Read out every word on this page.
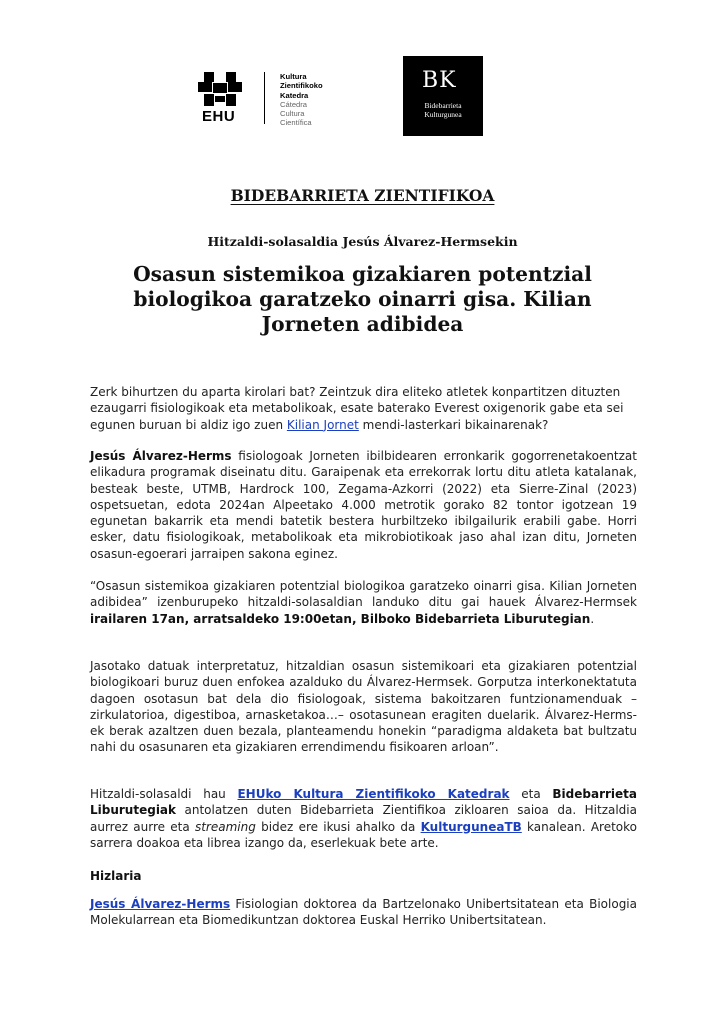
EHU
Kultura
Zientifikoko
Katedra
Cátedra
Cultura
Científica
BK
Bidebarrieta
Kulturgunea
BIDEBARRIETA ZIENTIFIKOA
Hitzaldi-solasaldia Jesús Álvarez-Hermsekin
Osasun sistemikoa gizakiaren potentzial
biologikoa garatzeko oinarri gisa. Kilian
Jorneten adibidea
Zerk bihurtzen du aparta kirolari bat? Zeintzuk dira eliteko atletek konpartitzen dituzten ezaugarri fisiologikoak eta metabolikoak, esate baterako Everest oxigenorik gabe eta sei egunen buruan bi aldiz igo zuen Kilian Jornet mendi-lasterkari bikainarenak?
Jesús Álvarez-Herms fisiologoak Jorneten ibilbidearen erronkarik gogorrenetakoentzat elikadura programak diseinatu ditu. Garaipenak eta errekorrak lortu ditu atleta katalanak, besteak beste, UTMB, Hardrock 100, Zegama-Azkorri (2022) eta Sierre-Zinal (2023) ospetsuetan, edota 2024an Alpeetako 4.000 metrotik gorako 82 tontor igotzean 19 egunetan bakarrik eta mendi batetik bestera hurbiltzeko ibilgailurik erabili gabe. Horri esker, datu fisiologikoak, metabolikoak eta mikrobiotikoak jaso ahal izan ditu, Jorneten osasun-egoerari jarraipen sakona eginez.
“Osasun sistemikoa gizakiaren potentzial biologikoa garatzeko oinarri gisa. Kilian Jorneten adibidea” izenburupeko hitzaldi-solasaldian landuko ditu gai hauek Álvarez-Hermsek irailaren 17an, arratsaldeko 19:00etan, Bilboko Bidebarrieta Liburutegian.
Jasotako datuak interpretatuz, hitzaldian osasun sistemikoari eta gizakiaren potentzial biologikoari buruz duen enfokea azalduko du Álvarez-Hermsek. Gorputza interkonektatuta dagoen osotasun bat dela dio fisiologoak, sistema bakoitzaren funtzionamenduak –zirkulatorioa, digestiboa, arnasketakoa…– osotasunean eragiten duelarik. Álvarez-Herms-ek berak azaltzen duen bezala, planteamendu honekin “paradigma aldaketa bat bultzatu nahi du osasunaren eta gizakiaren errendimendu fisikoaren arloan”.
Hitzaldi-solasaldi hau EHUko Kultura Zientifikoko Katedrak eta Bidebarrieta Liburutegiak antolatzen duten Bidebarrieta Zientifikoa zikloaren saioa da. Hitzaldia aurrez aurre eta streaming bidez ere ikusi ahalko da KulturguneaTB kanalean. Aretoko sarrera doakoa eta librea izango da, eserlekuak bete arte.
Hizlaria
Jesús Álvarez-Herms Fisiologian doktorea da Bartzelonako Unibertsitatean eta Biologia Molekularrean eta Biomedikuntzan doktorea Euskal Herriko Unibertsitatean.
